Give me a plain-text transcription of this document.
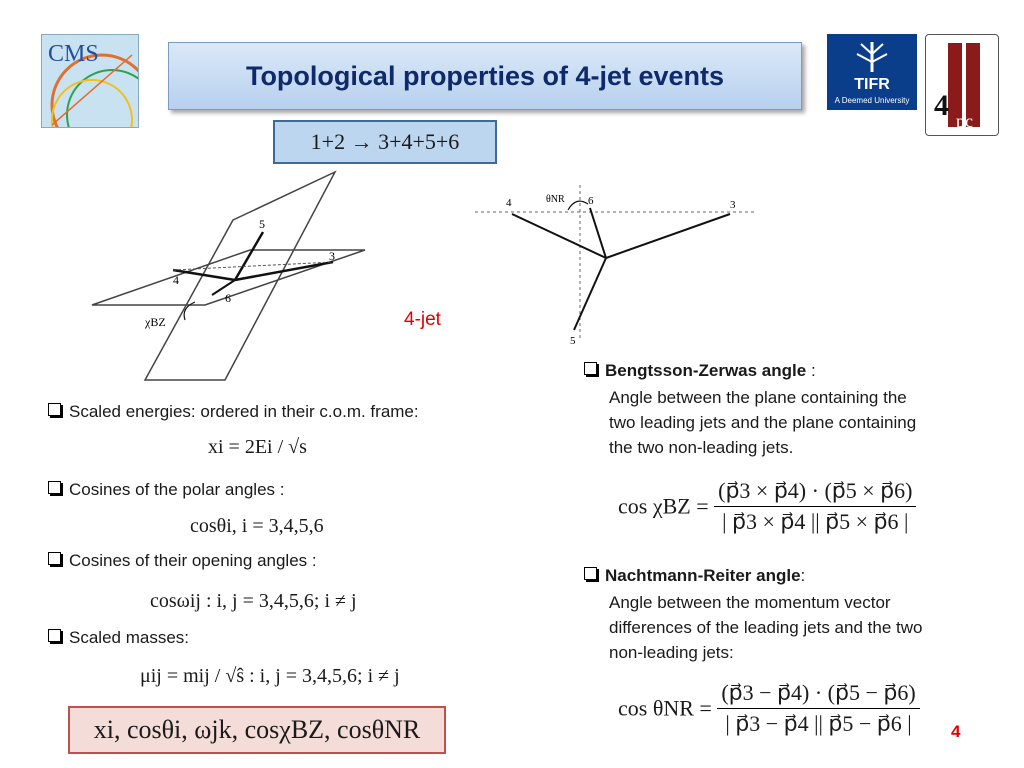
CMS
TIFR
A Deemed University 4 pc
Topological properties of 4-jet events
1+2 → 3+4+5+6
5
3
4
6
χBZ	4-jet
4	θNR 6	3
5
Scaled energies: ordered in their c.o.m. frame:
xi = 2Ei / √s
Cosines of the polar angles :
cosθi, i = 3,4,5,6
Cosines of their opening angles :
cosωij : i, j = 3,4,5,6; i ≠ j
Scaled masses:
μij = mij / √ŝ : i, j = 3,4,5,6; i ≠ j
xi, cosθi, ωjk, cosχBZ, cosθNR
Bengtsson-Zerwas angle :
Angle between the plane containing the
two leading jets and the plane containing
the two non-leading jets.
$\cos \chi BZ = \frac{(p⃗3 \times p⃗4) \cdot (p⃗5 \times p⃗6)}{| p⃗3 \times p⃗4 || p⃗5 \times p⃗6 |}$
Nachtmann-Reiter angle:
Angle between the momentum vector
differences of the leading jets and the two
non-leading jets:
$\cos \theta NR = \frac{(p⃗3 - p⃗4) \cdot (p⃗5 - p⃗6)}{| p⃗3 - p⃗4 || p⃗5 - p⃗6 |} 4$
